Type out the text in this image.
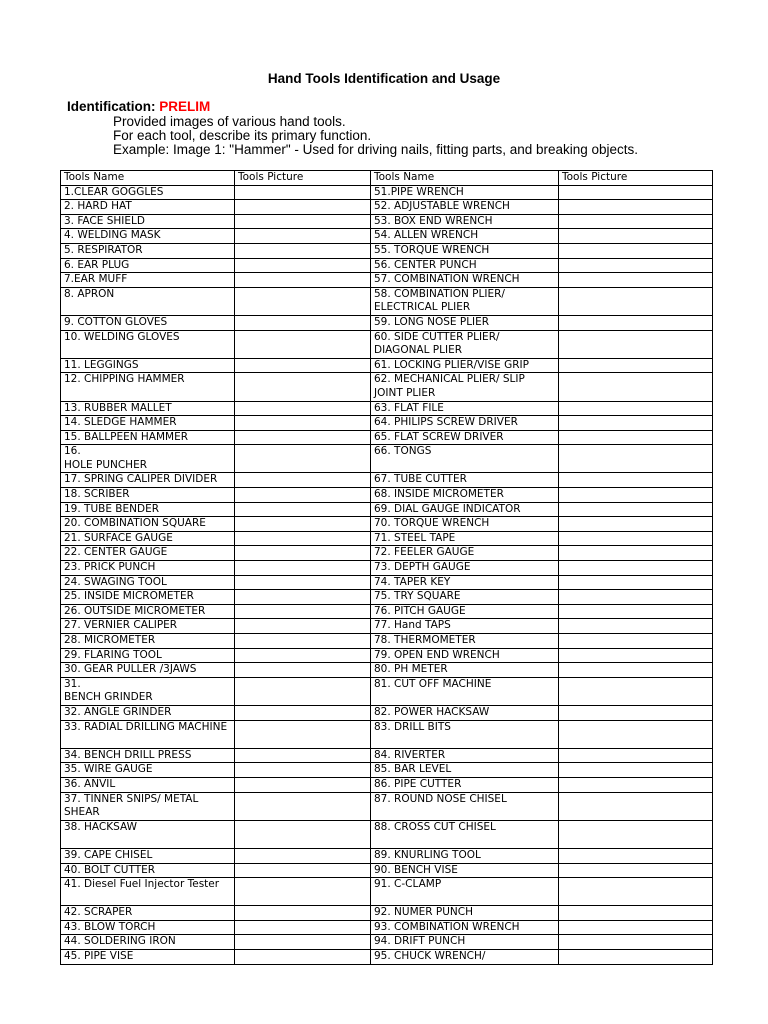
Hand Tools Identification and Usage
Identification: PRELIM
Provided images of various hand tools.
For each tool, describe its primary function.
Example: Image 1: "Hammer" - Used for driving nails, fitting parts, and breaking objects.
Tools Name	Tools Picture	Tools Name	Tools Picture
1.CLEAR GOGGLES		51.PIPE WRENCH	
2. HARD HAT		52. ADJUSTABLE WRENCH	
3. FACE SHIELD		53. BOX END WRENCH	
4. WELDING MASK		54. ALLEN WRENCH	
5. RESPIRATOR		55. TORQUE WRENCH	
6. EAR PLUG		56. CENTER PUNCH	
7.EAR MUFF		57. COMBINATION WRENCH	
8. APRON		58. COMBINATION PLIER/ ELECTRICAL PLIER	
9. COTTON GLOVES		59. LONG NOSE PLIER	
10. WELDING GLOVES		60. SIDE CUTTER PLIER/ DIAGONAL PLIER	
11. LEGGINGS		61. LOCKING PLIER/VISE GRIP	
12. CHIPPING HAMMER		62. MECHANICAL PLIER/ SLIP JOINT PLIER	
13. RUBBER MALLET		63. FLAT FILE	
14. SLEDGE HAMMER		64. PHILIPS SCREW DRIVER	
15. BALLPEEN HAMMER		65. FLAT SCREW DRIVER	
16.
HOLE PUNCHER		66. TONGS	
17. SPRING CALIPER DIVIDER		67. TUBE CUTTER	
18. SCRIBER		68. INSIDE MICROMETER	
19. TUBE BENDER		69. DIAL GAUGE INDICATOR	
20. COMBINATION SQUARE		70. TORQUE WRENCH	
21. SURFACE GAUGE		71. STEEL TAPE	
22. CENTER GAUGE		72. FEELER GAUGE	
23. PRICK PUNCH		73. DEPTH GAUGE	
24. SWAGING TOOL		74. TAPER KEY	
25. INSIDE MICROMETER		75. TRY SQUARE	
26. OUTSIDE MICROMETER		76. PITCH GAUGE	
27. VERNIER CALIPER		77. Hand TAPS	
28. MICROMETER		78. THERMOMETER	
29. FLARING TOOL		79. OPEN END WRENCH	
30. GEAR PULLER /3JAWS		80. PH METER	
31.
BENCH GRINDER		81. CUT OFF MACHINE	
32. ANGLE GRINDER		82. POWER HACKSAW	
33. RADIAL DRILLING MACHINE		83. DRILL BITS	
34. BENCH DRILL PRESS		84. RIVERTER	
35. WIRE GAUGE		85. BAR LEVEL	
36. ANVIL		86. PIPE CUTTER	
37. TINNER SNIPS/ METAL SHEAR		87. ROUND NOSE CHISEL	
38. HACKSAW		88. CROSS CUT CHISEL	
39. CAPE CHISEL		89. KNURLING TOOL	
40. BOLT CUTTER		90. BENCH VISE	
41. Diesel Fuel Injector Tester		91. C-CLAMP	
42. SCRAPER		92. NUMER PUNCH	
43. BLOW TORCH		93. COMBINATION WRENCH	
44. SOLDERING IRON		94. DRIFT PUNCH	
45. PIPE VISE		95. CHUCK WRENCH/	
